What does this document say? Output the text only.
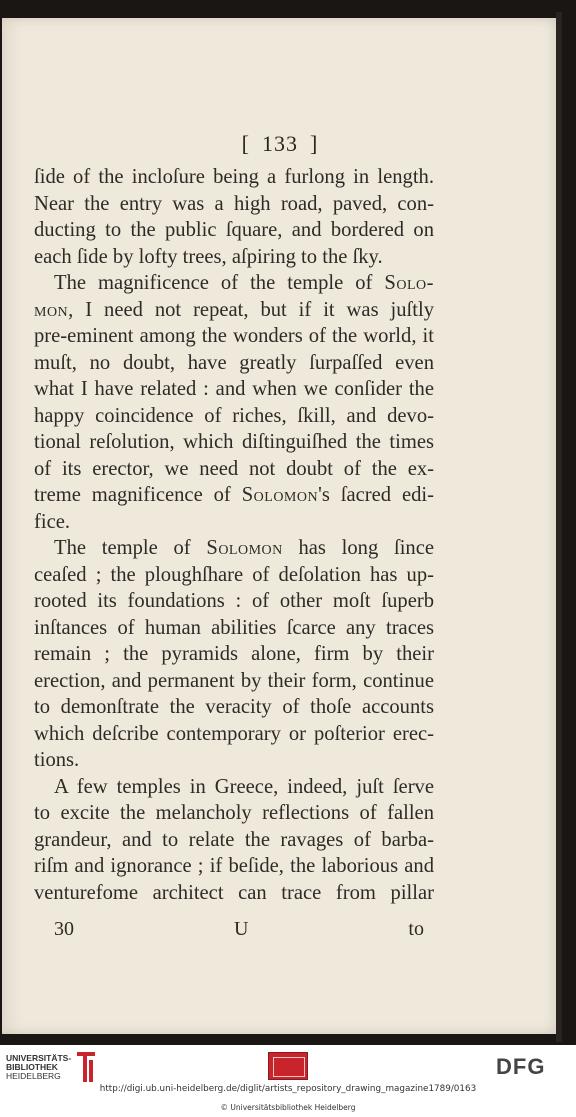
[ 133 ]
ſide of the incloſure being a furlong in length.
Near the entry was a high road, paved, con-
ducting to the public ſquare, and bordered on
each ſide by lofty trees, aſpiring to the ſky.
The magnificence of the temple of Solo-
mon, I need not repeat, but if it was juſtly
pre-eminent among the wonders of the world, it
muſt, no doubt, have greatly ſurpaſſed even
what I have related : and when we conſider the
happy coincidence of riches, ſkill, and devo-
tional reſolution, which diſtinguiſhed the times
of its erector, we need not doubt of the ex-
treme magnificence of Solomon's ſacred edi-
fice.
The temple of Solomon has long ſince
ceaſed ; the ploughſhare of deſolation has up-
rooted its foundations : of other moſt ſuperb
inſtances of human abilities ſcarce any traces
remain ; the pyramids alone, firm by their
erection, and permanent by their form, continue
to demonſtrate the veracity of thoſe accounts
which deſcribe contemporary or poſterior erec-
tions.
A few temples in Greece, indeed, juſt ſerve
to excite the melancholy reflections of fallen
grandeur, and to relate the ravages of barba-
riſm and ignorance ; if beſide, the laborious and
venturefome architect can trace from pillar
30	U	to
UNIVERSITÄTS-
BIBLIOTHEK
HEIDELBERG	DFG
http://digi.ub.uni-heidelberg.de/diglit/artists_repository_drawing_magazine1789/0163
© Universitätsbibliothek Heidelberg
